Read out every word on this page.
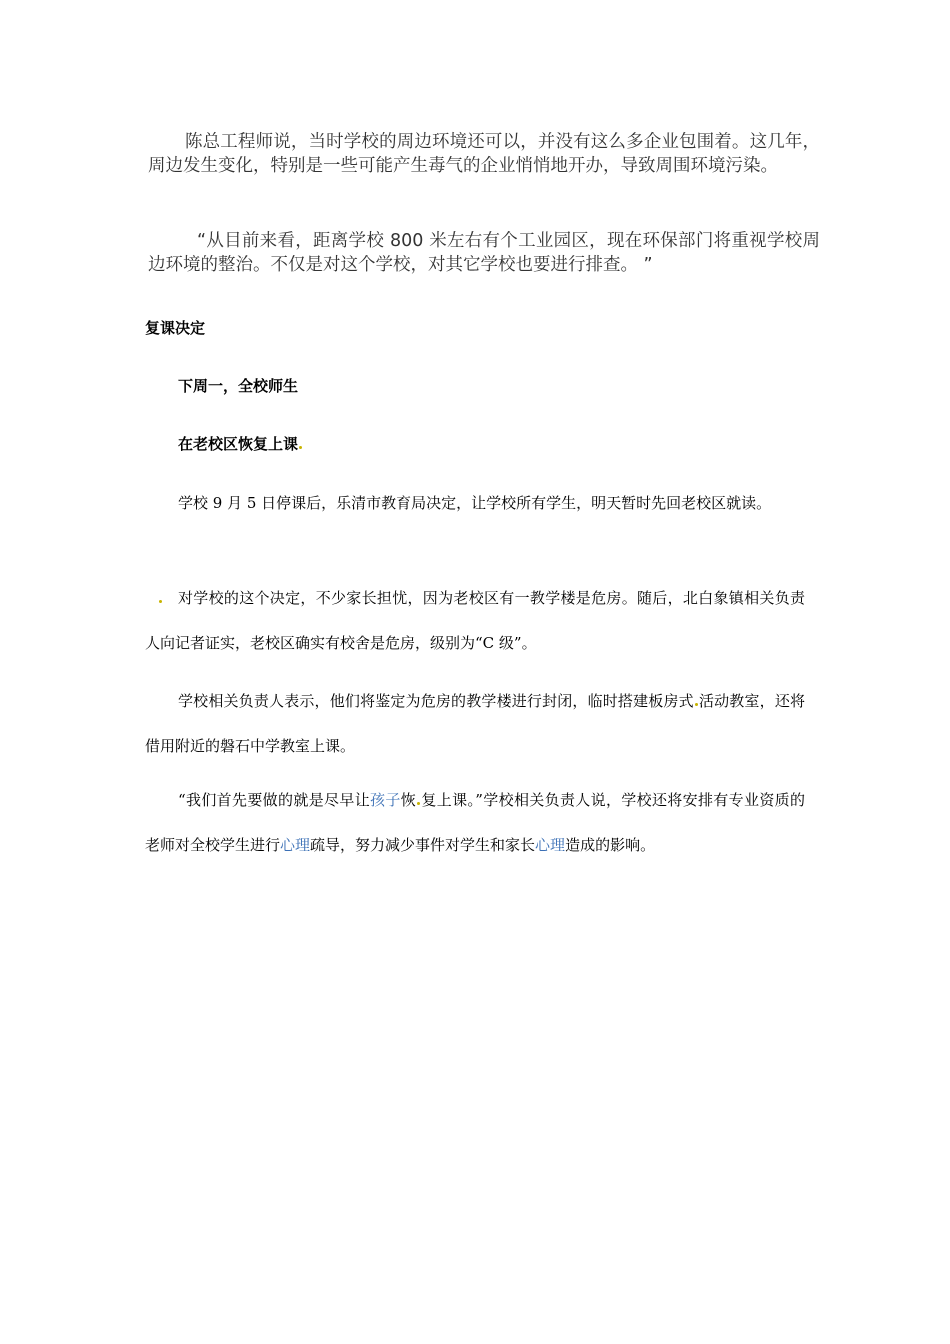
陈总工程师说，当时学校的周边环境还可以，并没有这么多企业包围着。这几年，周边发生变化，特别是一些可能产生毒气的企业悄悄地开办，导致周围环境污染。

“从目前来看，距离学校 800 米左右有个工业园区，现在环保部门将重视学校周边环境的整治。不仅是对这个学校，对其它学校也要进行排查。 ”

复课决定

下周一，全校师生

在老校区恢复上课

学校 9 月 5 日停课后，乐清市教育局决定，让学校所有学生，明天暂时先回老校区就读。

对学校的这个决定，不少家长担忧，因为老校区有一教学楼是危房。随后，北白象镇相关负责人向记者证实，老校区确实有校舍是危房，级别为“C 级”。

学校相关负责人表示，他们将鉴定为危房的教学楼进行封闭，临时搭建板房式 活动教室，还将借用附近的磐石中学教室上课。

“我们首先要做的就是尽早让孩子恢 复上课。”学校相关负责人说，学校还将安排有专业资质的老师对全校学生进行心理疏导，努力减少事件对学生和家长心理造成的影响。
